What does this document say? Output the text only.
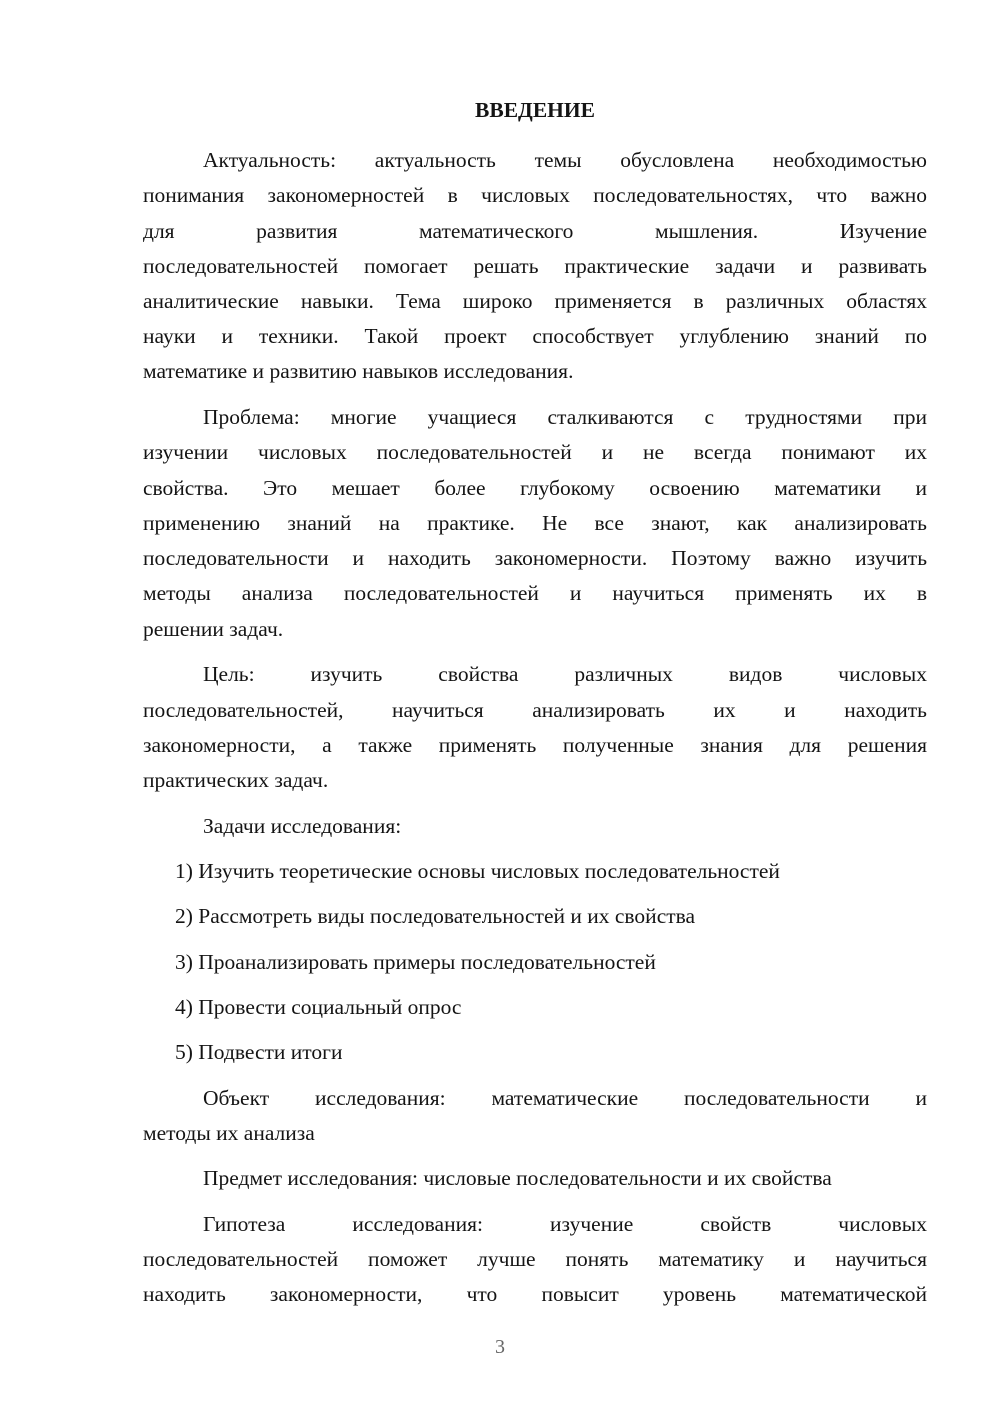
ВВЕДЕНИЕ
Актуальность: актуальность темы обусловлена необходимостью
понимания закономерностей в числовых последовательностях, что важно
для развития математического мышления. Изучение
последовательностей помогает решать практические задачи и развивать
аналитические навыки. Тема широко применяется в различных областях
науки и техники. Такой проект способствует углублению знаний по
математике и развитию навыков исследования.
Проблема: многие учащиеся сталкиваются с трудностями при
изучении числовых последовательностей и не всегда понимают их
свойства. Это мешает более глубокому освоению математики и
применению знаний на практике. Не все знают, как анализировать
последовательности и находить закономерности. Поэтому важно изучить
методы анализа последовательностей и научиться применять их в
решении задач.
Цель: изучить свойства различных видов числовых
последовательностей, научиться анализировать их и находить
закономерности, а также применять полученные знания для решения
практических задач.
Задачи исследования:
1) Изучить теоретические основы числовых последовательностей
2) Рассмотреть виды последовательностей и их свойства
3) Проанализировать примеры последовательностей
4) Провести социальный опрос
5) Подвести итоги
Объект исследования: математические последовательности и
методы их анализа
Предмет исследования: числовые последовательности и их свойства
Гипотеза исследования: изучение свойств числовых
последовательностей поможет лучше понять математику и научиться
находить закономерности, что повысит уровень математической
3
